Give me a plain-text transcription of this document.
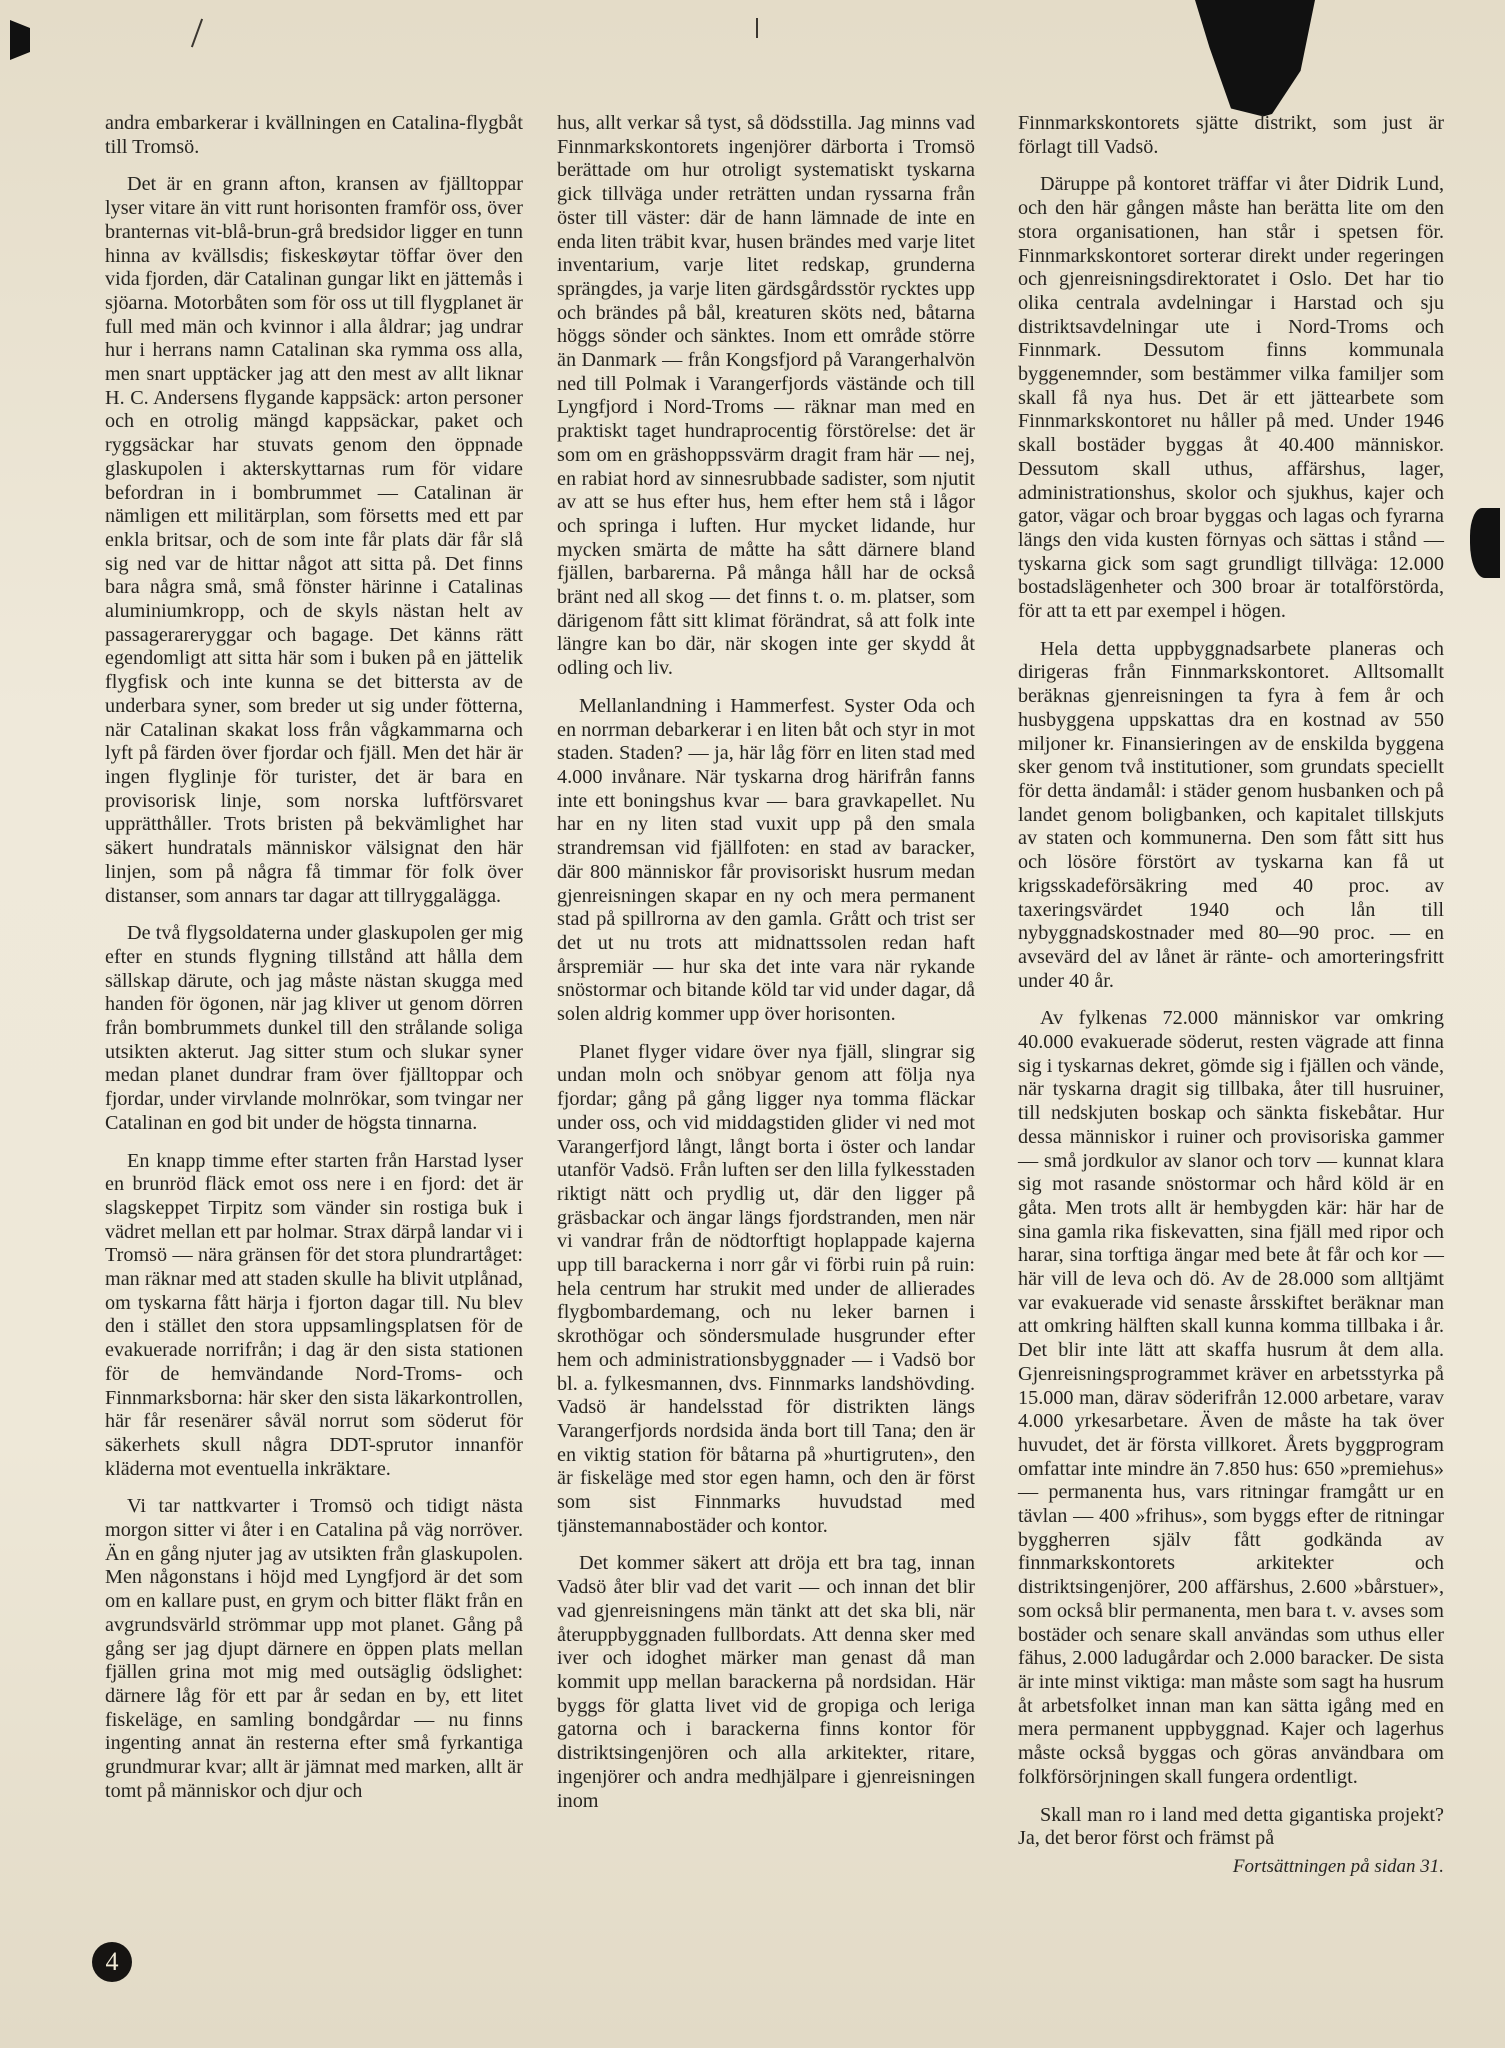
andra embarkerar i kvällningen en Catalina-flygbåt till Tromsö.

Det är en grann afton, kransen av fjälltoppar lyser vitare än vitt runt horisonten framför oss, över branternas vit-blå-brun-grå bredsidor ligger en tunn hinna av kvällsdis; fiskeskøytar töffar över den vida fjorden, där Catalinan gungar likt en jättemås i sjöarna. Motorbåten som för oss ut till flygplanet är full med män och kvinnor i alla åldrar; jag undrar hur i herrans namn Catalinan ska rymma oss alla, men snart upptäcker jag att den mest av allt liknar H. C. Andersens flygande kappsäck: arton personer och en otrolig mängd kappsäckar, paket och ryggsäckar har stuvats genom den öppnade glaskupolen i akterskyttarnas rum för vidare befordran in i bombrummet — Catalinan är nämligen ett militärplan, som försetts med ett par enkla britsar, och de som inte får plats där får slå sig ned var de hittar något att sitta på. Det finns bara några små, små fönster härinne i Catalinas aluminiumkropp, och de skyls nästan helt av passagerareryggar och bagage. Det känns rätt egendomligt att sitta här som i buken på en jättelik flygfisk och inte kunna se det bittersta av de underbara syner, som breder ut sig under fötterna, när Catalinan skakat loss från vågkammarna och lyft på färden över fjordar och fjäll. Men det här är ingen flyglinje för turister, det är bara en provisorisk linje, som norska luftförsvaret upprätthåller. Trots bristen på bekvämlighet har säkert hundratals människor välsignat den här linjen, som på några få timmar för folk över distanser, som annars tar dagar att tillryggalägga.

De två flygsoldaterna under glaskupolen ger mig efter en stunds flygning tillstånd att hålla dem sällskap därute, och jag måste nästan skugga med handen för ögonen, när jag kliver ut genom dörren från bombrummets dunkel till den strålande soliga utsikten akterut. Jag sitter stum och slukar syner medan planet dundrar fram över fjälltoppar och fjordar, under virvlande molnrökar, som tvingar ner Catalinan en god bit under de högsta tinnarna.

En knapp timme efter starten från Harstad lyser en brunröd fläck emot oss nere i en fjord: det är slagskeppet Tirpitz som vänder sin rostiga buk i vädret mellan ett par holmar. Strax därpå landar vi i Tromsö — nära gränsen för det stora plundrartåget: man räknar med att staden skulle ha blivit utplånad, om tyskarna fått härja i fjorton dagar till. Nu blev den i stället den stora uppsamlingsplatsen för de evakuerade norrifrån; i dag är den sista stationen för de hemvändande Nord-Troms- och Finnmarksborna: här sker den sista läkarkontrollen, här får resenärer såväl norrut som söderut för säkerhets skull några DDT-sprutor innanför kläderna mot eventuella inkräktare.

Vi tar nattkvarter i Tromsö och tidigt nästa morgon sitter vi åter i en Catalina på väg norröver. Än en gång njuter jag av utsikten från glaskupolen. Men någonstans i höjd med Lyngfjord är det som om en kallare pust, en grym och bitter fläkt från en avgrundsvärld strömmar upp mot planet. Gång på gång ser jag djupt därnere en öppen plats mellan fjällen grina mot mig med outsäglig ödslighet: därnere låg för ett par år sedan en by, ett litet fiskeläge, en samling bondgårdar — nu finns ingenting annat än resterna efter små fyrkantiga grundmurar kvar; allt är jämnat med marken, allt är tomt på människor och djur och

hus, allt verkar så tyst, så dödsstilla. Jag minns vad Finnmarkskontorets ingenjörer därborta i Tromsö berättade om hur otroligt systematiskt tyskarna gick tillväga under reträtten undan ryssarna från öster till väster: där de hann lämnade de inte en enda liten träbit kvar, husen brändes med varje litet inventarium, varje litet redskap, grunderna sprängdes, ja varje liten gärdsgårdsstör rycktes upp och brändes på bål, kreaturen sköts ned, båtarna höggs sönder och sänktes. Inom ett område större än Danmark — från Kongsfjord på Varangerhalvön ned till Polmak i Varangerfjords västände och till Lyngfjord i Nord-Troms — räknar man med en praktiskt taget hundraprocentig förstörelse: det är som om en gräshoppssvärm dragit fram här — nej, en rabiat hord av sinnesrubbade sadister, som njutit av att se hus efter hus, hem efter hem stå i lågor och springa i luften. Hur mycket lidande, hur mycken smärta de måtte ha sått därnere bland fjällen, barbarerna. På många håll har de också bränt ned all skog — det finns t. o. m. platser, som därigenom fått sitt klimat förändrat, så att folk inte längre kan bo där, när skogen inte ger skydd åt odling och liv.

Mellanlandning i Hammerfest. Syster Oda och en norrman debarkerar i en liten båt och styr in mot staden. Staden? — ja, här låg förr en liten stad med 4.000 invånare. När tyskarna drog härifrån fanns inte ett boningshus kvar — bara gravkapellet. Nu har en ny liten stad vuxit upp på den smala strandremsan vid fjällfoten: en stad av baracker, där 800 människor får provisoriskt husrum medan gjenreisningen skapar en ny och mera permanent stad på spillrorna av den gamla. Grått och trist ser det ut nu trots att midnattssolen redan haft årspremiär — hur ska det inte vara när rykande snöstormar och bitande köld tar vid under dagar, då solen aldrig kommer upp över horisonten.

Planet flyger vidare över nya fjäll, slingrar sig undan moln och snöbyar genom att följa nya fjordar; gång på gång ligger nya tomma fläckar under oss, och vid middagstiden glider vi ned mot Varangerfjord långt, långt borta i öster och landar utanför Vadsö. Från luften ser den lilla fylkesstaden riktigt nätt och prydlig ut, där den ligger på gräsbackar och ängar längs fjordstranden, men när vi vandrar från de nödtorftigt hoplappade kajerna upp till barackerna i norr går vi förbi ruin på ruin: hela centrum har strukit med under de allierades flygbombardemang, och nu leker barnen i skrothögar och söndersmulade husgrunder efter hem och administrationsbyggnader — i Vadsö bor bl. a. fylkesmannen, dvs. Finnmarks landshövding. Vadsö är handelsstad för distrikten längs Varangerfjords nordsida ända bort till Tana; den är en viktig station för båtarna på »hurtigruten», den är fiskeläge med stor egen hamn, och den är först som sist Finnmarks huvudstad med tjänstemannabostäder och kontor.

Det kommer säkert att dröja ett bra tag, innan Vadsö åter blir vad det varit — och innan det blir vad gjenreisningens män tänkt att det ska bli, när återuppbyggnaden fullbordats. Att denna sker med iver och idoghet märker man genast då man kommit upp mellan barackerna på nordsidan. Här byggs för glatta livet vid de gropiga och leriga gatorna och i barackerna finns kontor för distriktsingenjören och alla arkitekter, ritare, ingenjörer och andra medhjälpare i gjenreisningen inom

Finnmarkskontorets sjätte distrikt, som just är förlagt till Vadsö.

Däruppe på kontoret träffar vi åter Didrik Lund, och den här gången måste han berätta lite om den stora organisationen, han står i spetsen för. Finnmarkskontoret sorterar direkt under regeringen och gjenreisningsdirektoratet i Oslo. Det har tio olika centrala avdelningar i Harstad och sju distriktsavdelningar ute i Nord-Troms och Finnmark. Dessutom finns kommunala byggenemnder, som bestämmer vilka familjer som skall få nya hus. Det är ett jättearbete som Finnmarkskontoret nu håller på med. Under 1946 skall bostäder byggas åt 40.400 människor. Dessutom skall uthus, affärshus, lager, administrationshus, skolor och sjukhus, kajer och gator, vägar och broar byggas och lagas och fyrarna längs den vida kusten förnyas och sättas i stånd — tyskarna gick som sagt grundligt tillväga: 12.000 bostadslägenheter och 300 broar är totalförstörda, för att ta ett par exempel i högen.

Hela detta uppbyggnadsarbete planeras och dirigeras från Finnmarkskontoret. Alltsomallt beräknas gjenreisningen ta fyra à fem år och husbyggena uppskattas dra en kostnad av 550 miljoner kr. Finansieringen av de enskilda byggena sker genom två institutioner, som grundats speciellt för detta ändamål: i städer genom husbanken och på landet genom boligbanken, och kapitalet tillskjuts av staten och kommunerna. Den som fått sitt hus och lösöre förstört av tyskarna kan få ut krigsskadeförsäkring med 40 proc. av taxeringsvärdet 1940 och lån till nybyggnadskostnader med 80—90 proc. — en avsevärd del av lånet är ränte- och amorteringsfritt under 40 år.

Av fylkenas 72.000 människor var omkring 40.000 evakuerade söderut, resten vägrade att finna sig i tyskarnas dekret, gömde sig i fjällen och vände, när tyskarna dragit sig tillbaka, åter till husruiner, till nedskjuten boskap och sänkta fiskebåtar. Hur dessa människor i ruiner och provisoriska gammer — små jordkulor av slanor och torv — kunnat klara sig mot rasande snöstormar och hård köld är en gåta. Men trots allt är hembygden kär: här har de sina gamla rika fiskevatten, sina fjäll med ripor och harar, sina torftiga ängar med bete åt får och kor — här vill de leva och dö. Av de 28.000 som alltjämt var evakuerade vid senaste årsskiftet beräknar man att omkring hälften skall kunna komma tillbaka i år. Det blir inte lätt att skaffa husrum åt dem alla. Gjenreisningsprogrammet kräver en arbetsstyrka på 15.000 man, därav söderifrån 12.000 arbetare, varav 4.000 yrkesarbetare. Även de måste ha tak över huvudet, det är första villkoret. Årets byggprogram omfattar inte mindre än 7.850 hus: 650 »premiehus» — permanenta hus, vars ritningar framgått ur en tävlan — 400 »frihus», som byggs efter de ritningar byggherren själv fått godkända av finnmarkskontorets arkitekter och distriktsingenjörer, 200 affärshus, 2.600 »bårstuer», som också blir permanenta, men bara t. v. avses som bostäder och senare skall användas som uthus eller fähus, 2.000 ladugårdar och 2.000 baracker. De sista är inte minst viktiga: man måste som sagt ha husrum åt arbetsfolket innan man kan sätta igång med en mera permanent uppbyggnad. Kajer och lagerhus måste också byggas och göras användbara om folkförsörjningen skall fungera ordentligt.

Skall man ro i land med detta gigantiska projekt? Ja, det beror först och främst på

Fortsättningen på sidan 31.
4
